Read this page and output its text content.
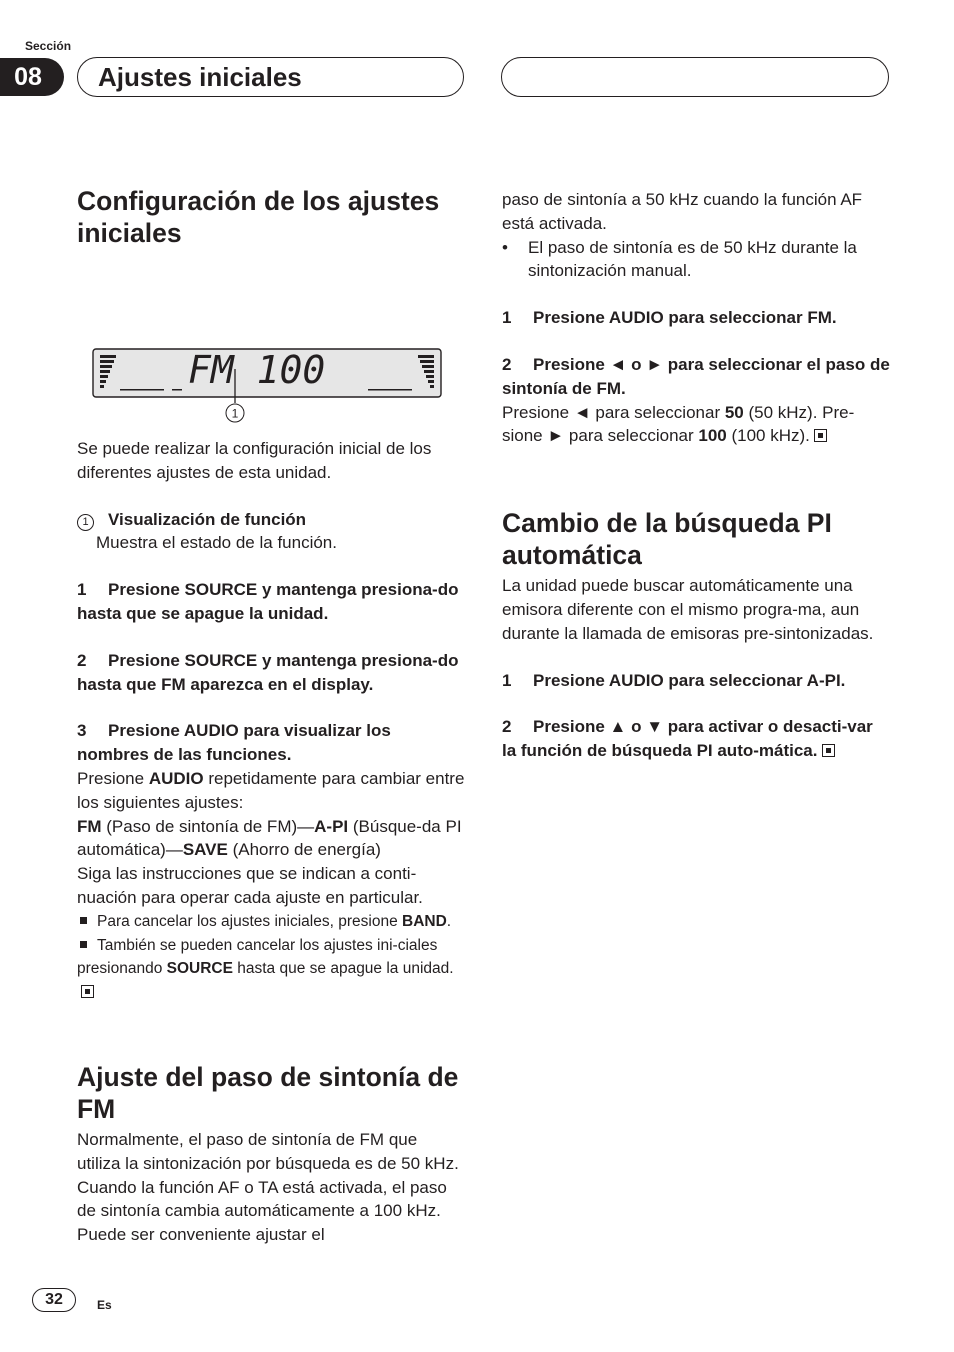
Sección
08	Ajustes iniciales
Configuración de los ajustes iniciales
FM 100
1

Se puede realizar la configuración inicial de los diferentes ajustes de esta unidad.

1 Visualización de función

Muestra el estado de la función.

1 Presione SOURCE y mantenga presiona-do hasta que se apague la unidad.

2 Presione SOURCE y mantenga presiona-do hasta que FM aparezca en el display.

3 Presione AUDIO para visualizar los nombres de las funciones.

Presione AUDIO repetidamente para cambiar entre los siguientes ajustes:
FM (Paso de sintonía de FM)—A-PI (Búsque-da PI automática)—SAVE (Ahorro de energía)

Siga las instrucciones que se indican a conti-nuación para operar cada ajuste en particular.

Para cancelar los ajustes iniciales, presione BAND.

También se pueden cancelar los ajustes ini-ciales presionando SOURCE hasta que se apague la unidad.

Ajuste del paso de sintonía de FM

Normalmente, el paso de sintonía de FM que utiliza la sintonización por búsqueda es de 50 kHz. Cuando la función AF o TA está activada, el paso de sintonía cambia automáticamente a 100 kHz. Puede ser conveniente ajustar el

paso de sintonía a 50 kHz cuando la función AF está activada.

• El paso de sintonía es de 50 kHz durante la sintonización manual.

1 Presione AUDIO para seleccionar FM.

2 Presione ◄ o ► para seleccionar el paso de sintonía de FM.

Presione ◄ para seleccionar 50 (50 kHz). Pre-sione ► para seleccionar 100 (100 kHz).

Cambio de la búsqueda PI automática

La unidad puede buscar automáticamente una emisora diferente con el mismo progra-ma, aun durante la llamada de emisoras pre-sintonizadas.

1 Presione AUDIO para seleccionar A-PI.

2 Presione ▲ o ▼ para activar o desacti-var la función de búsqueda PI auto-mática.

32	Es
